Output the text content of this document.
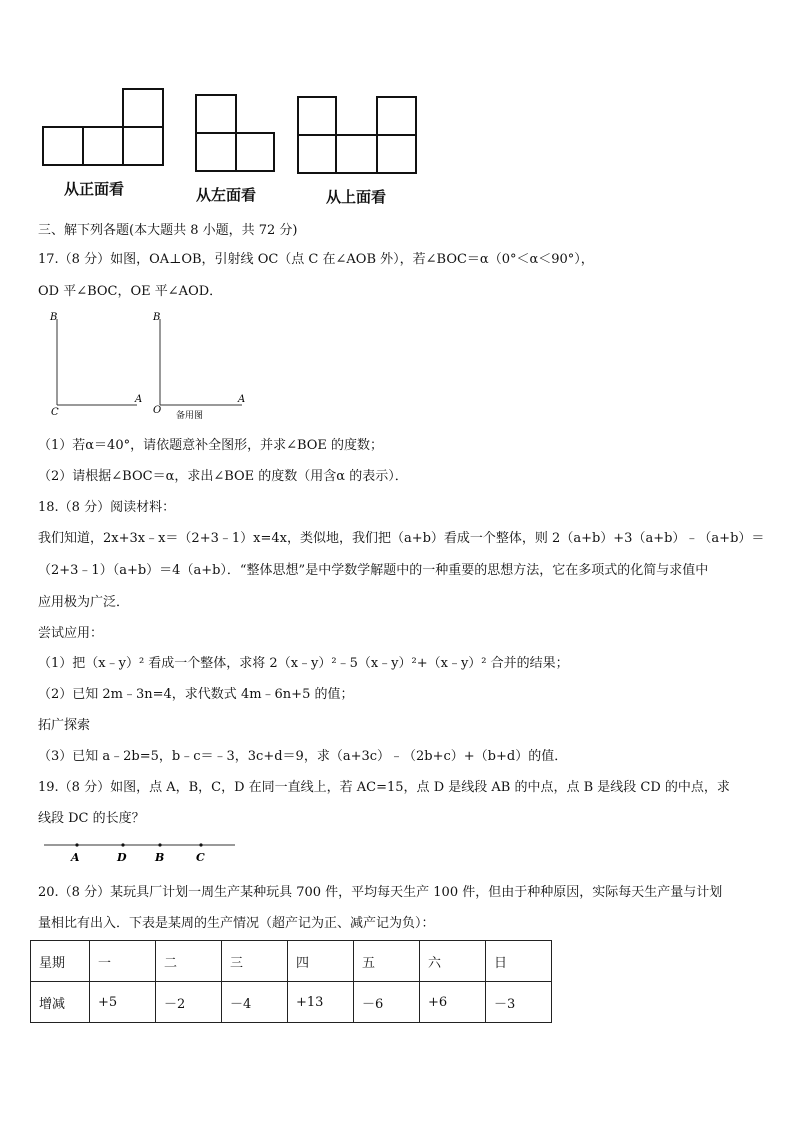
从正面看	从左面看	从上面看
三、解下列各题(本大题共 8 小题，共 72 分)
17.（8 分）如图，OA⊥OB，引射线 OC（点 C 在∠AOB 外），若∠BOC＝α（0°＜α＜90°），
OD 平∠BOC，OE 平∠AOD．
B
C
A
B
O
A
备用图
（1）若α＝40°，请依题意补全图形，并求∠BOE 的度数；
（2）请根据∠BOC＝α，求出∠BOE 的度数（用含α 的表示）．
18.（8 分）阅读材料：
我们知道，2x+3x﹣x＝（2+3﹣1）x=4x，类似地，我们把（a+b）看成一个整体，则 2（a+b）+3（a+b）﹣（a+b）＝
（2+3﹣1）（a+b）＝4（a+b）．“整体思想”是中学数学解题中的一种重要的思想方法，它在多项式的化简与求值中
应用极为广泛．
尝试应用：
（1）把（x﹣y）² 看成一个整体，求将 2（x﹣y）²﹣5（x﹣y）²+（x﹣y）² 合并的结果；
（2）已知 2m﹣3n=4，求代数式 4m﹣6n+5 的值；
拓广探索
（3）已知 a﹣2b=5，b﹣c＝﹣3，3c+d＝9，求（a+3c）﹣（2b+c）+（b+d）的值．
19.（8 分）如图，点 A，B，C，D 在同一直线上，若 AC=15，点 D 是线段 AB 的中点，点 B 是线段 CD 的中点，求
线段 DC 的长度？
A	D	B	C
20.（8 分）某玩具厂计划一周生产某种玩具 700 件，平均每天生产 100 件，但由于种种原因，实际每天生产量与计划
量相比有出入．下表是某周的生产情况（超产记为正、减产记为负）：
星期	一	二	三	四	五	六	日
增减	+5	－2	－4	+13	－6	+6	－3
